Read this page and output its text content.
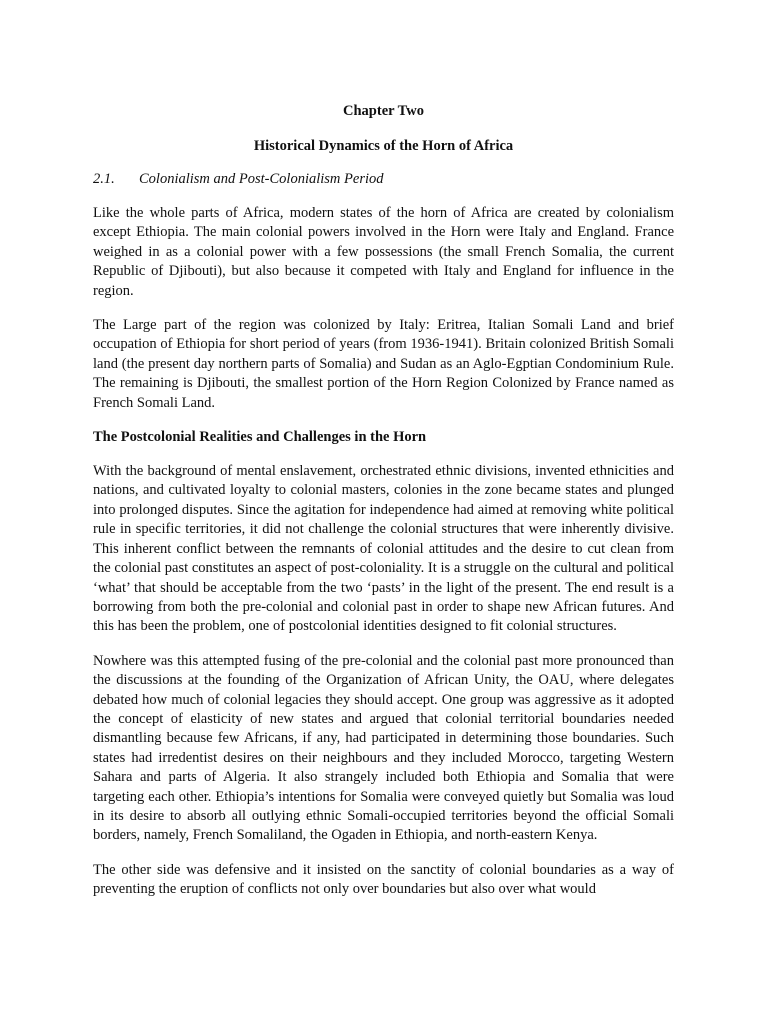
Chapter Two
Historical Dynamics of the Horn of Africa
2.1.	Colonialism and Post-Colonialism Period

Like the whole parts of Africa, modern states of the horn of Africa are created by colonialism except Ethiopia. The main colonial powers involved in the Horn were Italy and England. France weighed in as a colonial power with a few possessions (the small French Somalia, the current Republic of Djibouti), but also because it competed with Italy and England for influence in the region.

The Large part of the region was colonized by Italy: Eritrea, Italian Somali Land and brief occupation of Ethiopia for short period of years (from 1936-1941). Britain colonized British Somali land (the present day northern parts of Somalia) and Sudan as an Aglo-Egptian Condominium Rule. The remaining is Djibouti, the smallest portion of the Horn Region Colonized by France named as French Somali Land.

The Postcolonial Realities and Challenges in the Horn

With the background of mental enslavement, orchestrated ethnic divisions, invented ethnicities and nations, and cultivated loyalty to colonial masters, colonies in the zone became states and plunged into prolonged disputes. Since the agitation for independence had aimed at removing white political rule in specific territories, it did not challenge the colonial structures that were inherently divisive. This inherent conflict between the remnants of colonial attitudes and the desire to cut clean from the colonial past constitutes an aspect of post-coloniality. It is a struggle on the cultural and political ‘what’ that should be acceptable from the two ‘pasts’ in the light of the present. The end result is a borrowing from both the pre-colonial and colonial past in order to shape new African futures. And this has been the problem, one of postcolonial identities designed to fit colonial structures.

Nowhere was this attempted fusing of the pre-colonial and the colonial past more pronounced than the discussions at the founding of the Organization of African Unity, the OAU, where delegates debated how much of colonial legacies they should accept. One group was aggressive as it adopted the concept of elasticity of new states and argued that colonial territorial boundaries needed dismantling because few Africans, if any, had participated in determining those boundaries. Such states had irredentist desires on their neighbours and they included Morocco, targeting Western Sahara and parts of Algeria. It also strangely included both Ethiopia and Somalia that were targeting each other. Ethiopia’s intentions for Somalia were conveyed quietly but Somalia was loud in its desire to absorb all outlying ethnic Somali-occupied territories beyond the official Somali borders, namely, French Somaliland, the Ogaden in Ethiopia, and north-eastern Kenya.

The other side was defensive and it insisted on the sanctity of colonial boundaries as a way of preventing the eruption of conflicts not only over boundaries but also over what would
